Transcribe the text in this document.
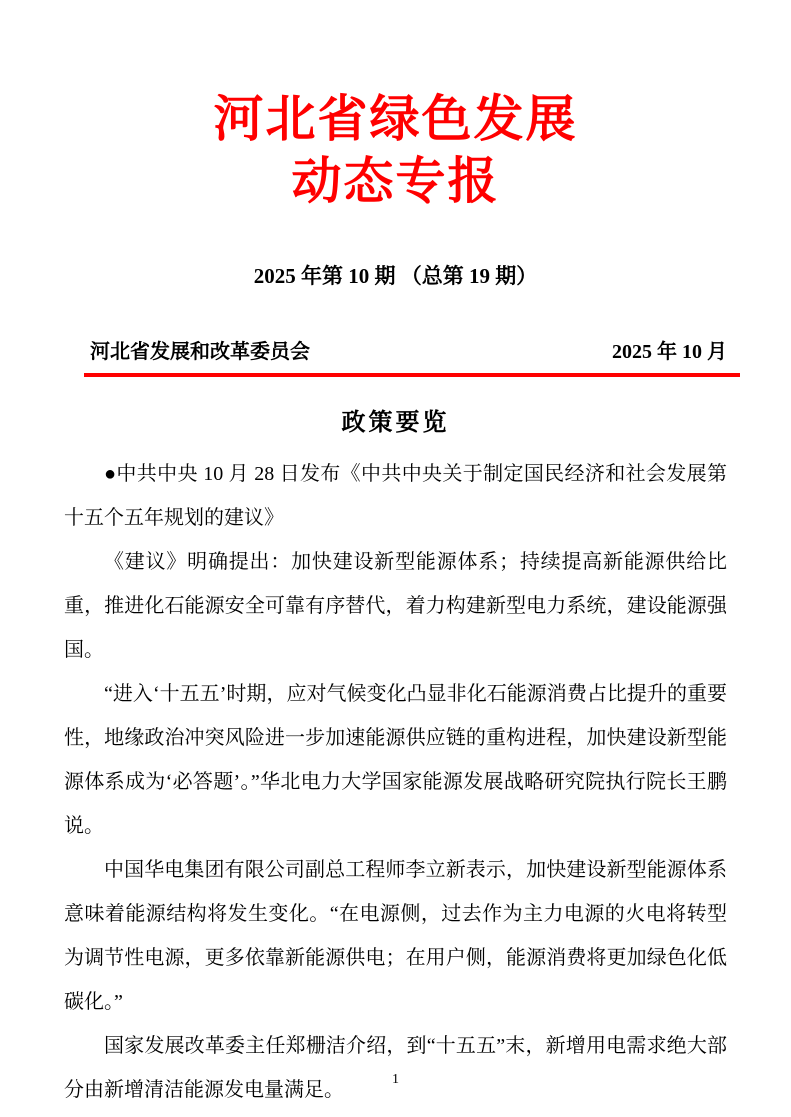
河北省绿色发展
动态专报
2025 年第 10 期 （总第 19 期）
河北省发展和改革委员会	2025 年 10 月
政策要览

●中共中央 10 月 28 日发布《中共中央关于制定国民经济和社会发展第十五个五年规划的建议》

《建议》明确提出：加快建设新型能源体系；持续提高新能源供给比重，推进化石能源安全可靠有序替代，着力构建新型电力系统，建设能源强国。

“进入‘十五五’时期，应对气候变化凸显非化石能源消费占比提升的重要性，地缘政治冲突风险进一步加速能源供应链的重构进程，加快建设新型能源体系成为‘必答题’。”华北电力大学国家能源发展战略研究院执行院长王鹏说。

中国华电集团有限公司副总工程师李立新表示，加快建设新型能源体系意味着能源结构将发生变化。“在电源侧，过去作为主力电源的火电将转型为调节性电源，更多依靠新能源供电；在用户侧，能源消费将更加绿色化低碳化。”

国家发展改革委主任郑栅洁介绍，到“十五五”末，新增用电需求绝大部分由新增清洁能源发电量满足。	1
